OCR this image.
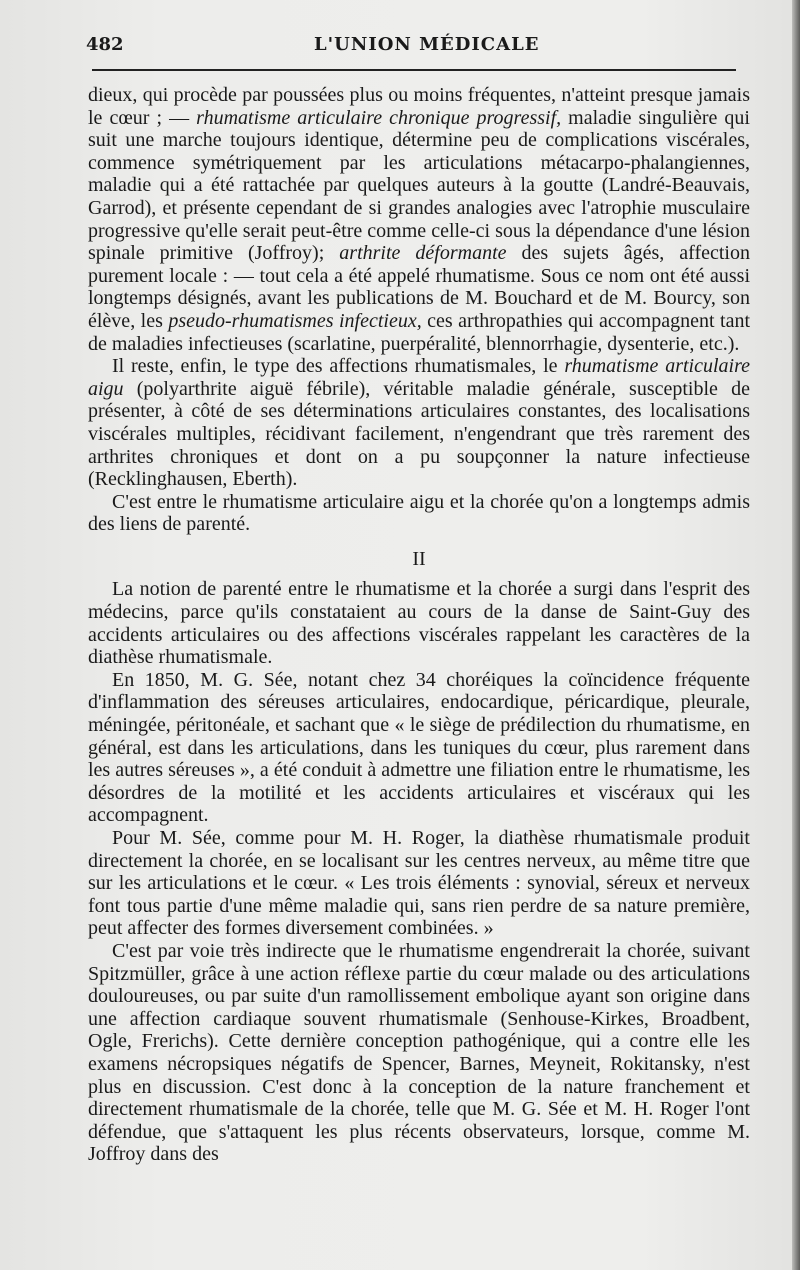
482	L'UNION MÉDICALE

dieux, qui procède par poussées plus ou moins fréquentes, n'atteint presque jamais le cœur ; — rhumatisme articulaire chronique progressif, maladie singulière qui suit une marche toujours identique, détermine peu de complications viscérales, commence symétriquement par les articulations métacarpo-phalangiennes, maladie qui a été rattachée par quelques auteurs à la goutte (Landré-Beauvais, Garrod), et présente cependant de si grandes analogies avec l'atrophie musculaire progressive qu'elle serait peut-être comme celle-ci sous la dépendance d'une lésion spinale primitive (Joffroy); arthrite déformante des sujets âgés, affection purement locale : — tout cela a été appelé rhumatisme. Sous ce nom ont été aussi longtemps désignés, avant les publications de M. Bouchard et de M. Bourcy, son élève, les pseudo-rhumatismes infectieux, ces arthropathies qui accompagnent tant de maladies infectieuses (scarlatine, puerpéralité, blennorrhagie, dysenterie, etc.).

Il reste, enfin, le type des affections rhumatismales, le rhumatisme articulaire aigu (polyarthrite aiguë fébrile), véritable maladie générale, susceptible de présenter, à côté de ses déterminations articulaires constantes, des localisations viscérales multiples, récidivant facilement, n'engendrant que très rarement des arthrites chroniques et dont on a pu soupçonner la nature infectieuse (Recklinghausen, Eberth).

C'est entre le rhumatisme articulaire aigu et la chorée qu'on a longtemps admis des liens de parenté.

II

La notion de parenté entre le rhumatisme et la chorée a surgi dans l'esprit des médecins, parce qu'ils constataient au cours de la danse de Saint-Guy des accidents articulaires ou des affections viscérales rappelant les caractères de la diathèse rhumatismale.

En 1850, M. G. Sée, notant chez 34 choréiques la coïncidence fréquente d'inflammation des séreuses articulaires, endocardique, péricardique, pleurale, méningée, péritonéale, et sachant que « le siège de prédilection du rhumatisme, en général, est dans les articulations, dans les tuniques du cœur, plus rarement dans les autres séreuses », a été conduit à admettre une filiation entre le rhumatisme, les désordres de la motilité et les accidents articulaires et viscéraux qui les accompagnent.

Pour M. Sée, comme pour M. H. Roger, la diathèse rhumatismale produit directement la chorée, en se localisant sur les centres nerveux, au même titre que sur les articulations et le cœur. « Les trois éléments : synovial, séreux et nerveux font tous partie d'une même maladie qui, sans rien perdre de sa nature première, peut affecter des formes diversement combinées. »

C'est par voie très indirecte que le rhumatisme engendrerait la chorée, suivant Spitzmüller, grâce à une action réflexe partie du cœur malade ou des articulations douloureuses, ou par suite d'un ramollissement embolique ayant son origine dans une affection cardiaque souvent rhumatismale (Senhouse-Kirkes, Broadbent, Ogle, Frerichs). Cette dernière conception pathogénique, qui a contre elle les examens nécropsiques négatifs de Spencer, Barnes, Meyneit, Rokitansky, n'est plus en discussion. C'est donc à la conception de la nature franchement et directement rhumatismale de la chorée, telle que M. G. Sée et M. H. Roger l'ont défendue, que s'attaquent les plus récents observateurs, lorsque, comme M. Joffroy dans des
